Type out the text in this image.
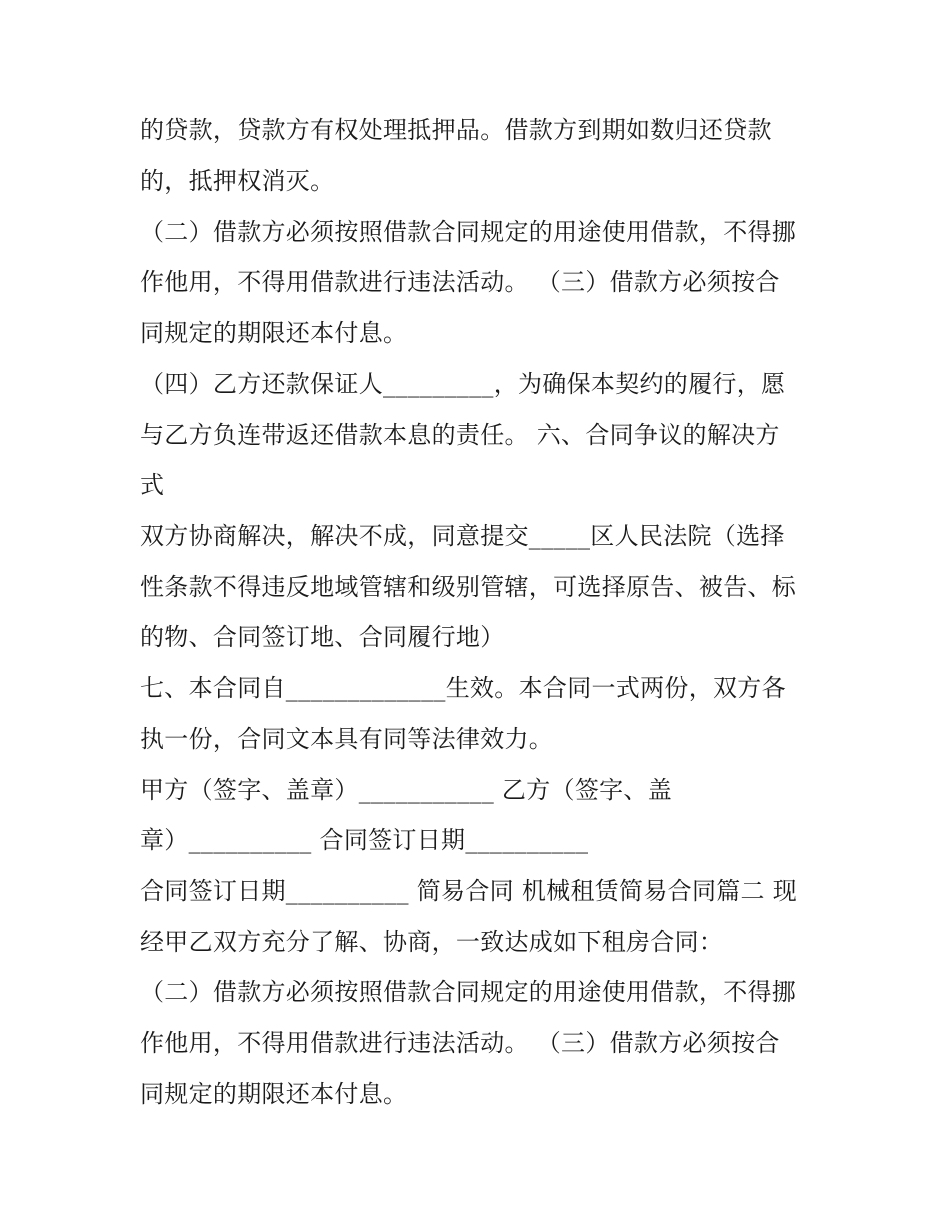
的贷款，贷款方有权处理抵押品。借款方到期如数归还贷款
的，抵押权消灭。
（二）借款方必须按照借款合同规定的用途使用借款，不得挪
作他用，不得用借款进行违法活动。 （三）借款方必须按合
同规定的期限还本付息。
（四）乙方还款保证人_________，为确保本契约的履行，愿
与乙方负连带返还借款本息的责任。 六、合同争议的解决方
式
双方协商解决，解决不成，同意提交_____区人民法院（选择
性条款不得违反地域管辖和级别管辖，可选择原告、被告、标
的物、合同签订地、合同履行地）
七、本合同自_____________生效。本合同一式两份，双方各
执一份，合同文本具有同等法律效力。
甲方（签字、盖章）___________ 乙方（签字、盖
章）__________ 合同签订日期__________
合同签订日期__________ 简易合同 机械租赁简易合同篇二 现
经甲乙双方充分了解、协商，一致达成如下租房合同：
（二）借款方必须按照借款合同规定的用途使用借款，不得挪
作他用，不得用借款进行违法活动。 （三）借款方必须按合
同规定的期限还本付息。
